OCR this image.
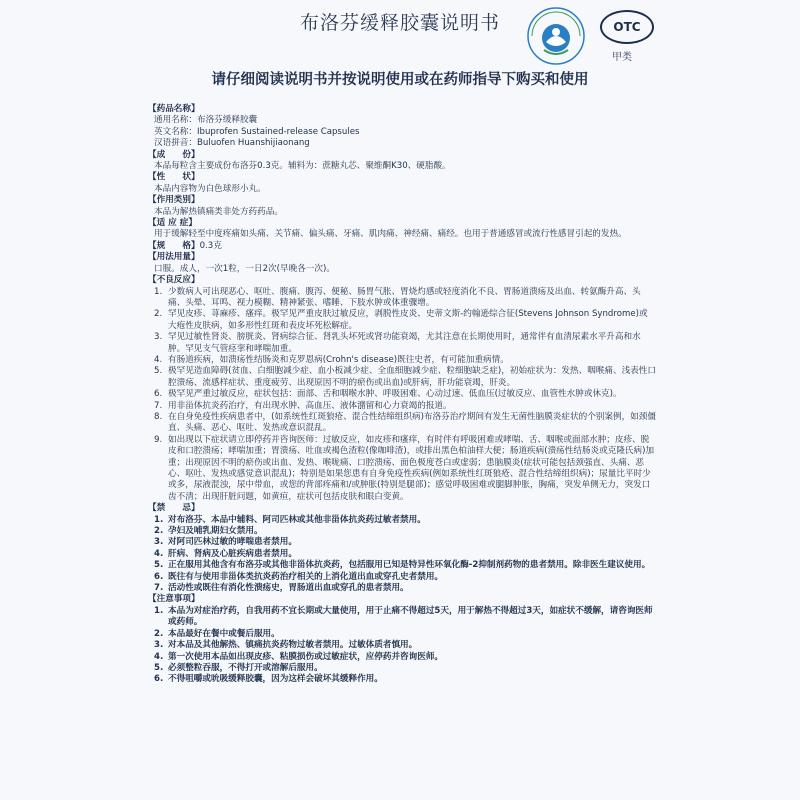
布洛芬缓释胶囊说明书	OTC
甲类
请仔细阅读说明书并按说明使用或在药师指导下购买和使用
【药品名称】
通用名称：布洛芬缓释胶囊
英文名称：Ibuprofen Sustained-release Capsules
汉语拼音：Buluofen Huanshijiaonang
【成　　份】
本品每粒含主要成份布洛芬0.3克。辅料为：蔗糖丸芯、聚维酮K30、硬脂酸。
【性　　状】
本品内容物为白色球形小丸。
【作用类别】
本品为解热镇痛类非处方药药品。
【适 应 症】
用于缓解轻至中度疼痛如头痛、关节痛、偏头痛、牙痛、肌肉痛、神经痛、痛经。也用于普通感冒或流行性感冒引起的发热。
【规　　格】0.3克
【用法用量】
口服。成人，一次1粒，一日2次(早晚各一次)。
【不良反应】
1. 少数病人可出现恶心、呕吐、腹痛、腹泻、便秘、肠胃气胀、胃烧灼感或轻度消化不良、胃肠道溃疡及出血、转氨酶升高、头痛、头晕、耳鸣、视力模糊、精神紧张、嗜睡、下肢水肿或体重骤增。
2. 罕见皮疹、荨麻疹、瘙痒。极罕见严重皮肤过敏反应，剥脱性皮炎、史蒂文斯-约翰逊综合征(Stevens Johnson Syndrome)或大疱性皮肤病，如多形性红斑和表皮坏死松解症。
3. 罕见过敏性肾炎、膀胱炎、肾病综合征、肾乳头坏死或肾功能衰竭，尤其注意在长期使用时，通常伴有血清尿素水平升高和水肿。罕见支气管痉挛和哮喘加重。
4. 有肠道疾病，如溃疡性结肠炎和克罗恩病(Crohn's disease)既往史者，有可能加重病情。
5. 极罕见造血障碍(贫血、白细胞减少症、血小板减少症、全血细胞减少症、粒细胞缺乏症)，初始症状为：发热、咽喉痛、浅表性口腔溃疡、流感样症状、重度疲劳、出现原因不明的瘀伤或出血)或肝病，肝功能衰竭，肝炎。
6. 极罕见严重过敏反应，症状包括：面部、舌和咽喉水肿、呼吸困难、心动过速、低血压(过敏反应、血管性水肿或休克)。
7. 用非甾体抗炎药治疗，有出现水肿、高血压、液体潴留和心力衰竭的报道。
8. 在自身免疫性疾病患者中，(如系统性红斑狼疮、混合性结缔组织病)布洛芬治疗期间有发生无菌性脑膜炎症状的个别案例，如颈僵直、头痛、恶心、呕吐、发热或意识混乱。
9. 如出现以下症状请立即停药并咨询医师：过敏反应，如皮疹和瘙痒，有时伴有呼吸困难或哮喘、舌、咽喉或面部水肿；皮疹、脱皮和口腔溃疡；哮喘加重；胃溃疡、吐血或褐色渣粒(像咖啡渣)，或排出黑色柏油样大便；肠道疾病(溃疡性结肠炎或克隆氏病)加重；出现原因不明的瘀伤或出血、发热、喉咙痛、口腔溃疡、面色极度苍白或虚弱；患脑膜炎(症状可能包括颈强直、头痛、恶心、呕吐、发热或感觉意识混乱)；特别是如果您患有自身免疫性疾病(例如系统性红斑狼疮、混合性结缔组织病)；尿量比平时少或多，尿液混浊，尿中带血，或您的背部疼痛和/或肿胀(特别是腿部)；感觉呼吸困难或腿脚肿胀，胸痛，突发单侧无力，突发口齿不清；出现肝脏问题，如黄疸，症状可包括皮肤和眼白变黄。
【禁　　忌】
1. 对布洛芬、本品中辅料、阿司匹林或其他非甾体抗炎药过敏者禁用。
2. 孕妇及哺乳期妇女禁用。
3. 对阿司匹林过敏的哮喘患者禁用。
4. 肝病、肾病及心脏疾病患者禁用。
5. 正在服用其他含有布洛芬或其他非甾体抗炎药，包括服用已知是特异性环氧化酶-2抑制剂药物的患者禁用。除非医生建议使用。
6. 既往有与使用非甾体类抗炎药治疗相关的上消化道出血或穿孔史者禁用。
7. 活动性或既往有消化性溃疡史，胃肠道出血或穿孔的患者禁用。
【注意事项】
1. 本品为对症治疗药，自我用药不宜长期或大量使用，用于止痛不得超过5天，用于解热不得超过3天，如症状不缓解，请咨询医师或药师。
2. 本品最好在餐中或餐后服用。
3. 对本品及其他解热、镇痛抗炎药物过敏者禁用。过敏体质者慎用。
4. 第一次使用本品如出现皮疹、粘膜损伤或过敏症状，应停药并咨询医师。
5. 必须整粒吞服，不得打开或溶解后服用。
6. 不得咀嚼或吮吸缓释胶囊，因为这样会破坏其缓释作用。
